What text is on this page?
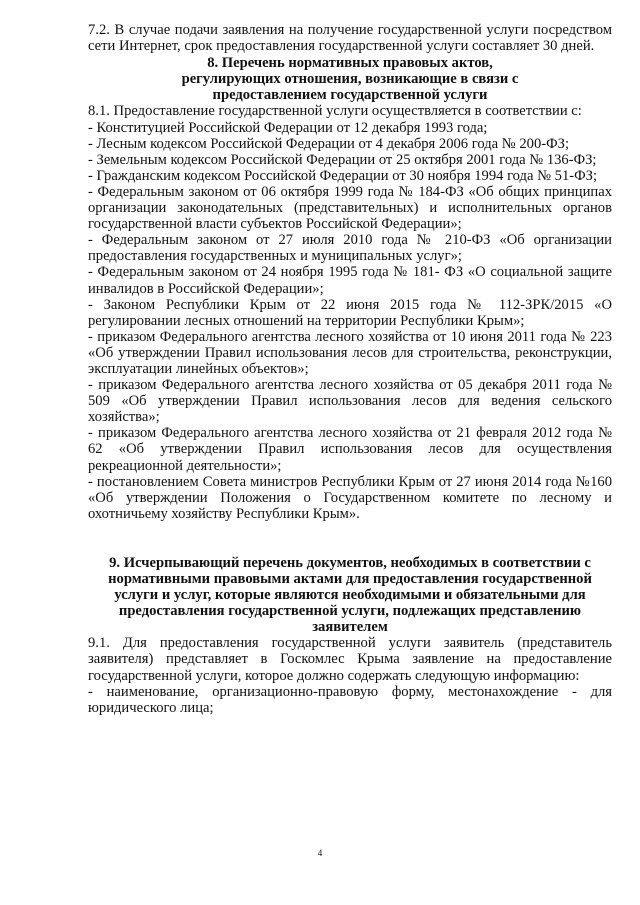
7.2. В случае подачи заявления на получение государственной услуги посредством сети Интернет, срок предоставления государственной услуги составляет 30 дней.

8. Перечень нормативных правовых актов,
регулирующих отношения, возникающие в связи с
предоставлением государственной услуги

8.1. Предоставление государственной услуги осуществляется в соответствии с:

- Конституцией Российской Федерации от 12 декабря 1993 года;

- Лесным кодексом Российской Федерации от 4 декабря 2006 года № 200-ФЗ;

- Земельным кодексом Российской Федерации от 25 октября 2001 года № 136-ФЗ;

- Гражданским кодексом Российской Федерации от 30 ноября 1994 года № 51-ФЗ;

- Федеральным законом от 06 октября 1999 года № 184-ФЗ «Об общих принципах организации законодательных (представительных) и исполнительных органов государственной власти субъектов Российской Федерации»;

- Федеральным законом от 27 июля 2010 года № 210-ФЗ «Об организации предоставления государственных и муниципальных услуг»;

- Федеральным законом от 24 ноября 1995 года № 181- ФЗ «О социальной защите инвалидов в Российской Федерации»;

- Законом Республики Крым от 22 июня 2015 года № 112-ЗРК/2015 «О регулировании лесных отношений на территории Республики Крым»;

- приказом Федерального агентства лесного хозяйства от 10 июня 2011 года № 223 «Об утверждении Правил использования лесов для строительства, реконструкции, эксплуатации линейных объектов»;

- приказом Федерального агентства лесного хозяйства от 05 декабря 2011 года № 509 «Об утверждении Правил использования лесов для ведения сельского хозяйства»;

- приказом Федерального агентства лесного хозяйства от 21 февраля 2012 года № 62 «Об утверждении Правил использования лесов для осуществления рекреационной деятельности»;

- постановлением Совета министров Республики Крым от 27 июня 2014 года №160 «Об утверждении Положения о Государственном комитете по лесному и охотничьему хозяйству Республики Крым».

9. Исчерпывающий перечень документов, необходимых в соответствии с
нормативными правовыми актами для предоставления государственной
услуги и услуг, которые являются необходимыми и обязательными для
предоставления государственной услуги, подлежащих представлению
заявителем

9.1. Для предоставления государственной услуги заявитель (представитель заявителя) представляет в Госкомлес Крыма заявление на предоставление государственной услуги, которое должно содержать следующую информацию:

- наименование, организационно-правовую форму, местонахождение - для юридического лица;

4
